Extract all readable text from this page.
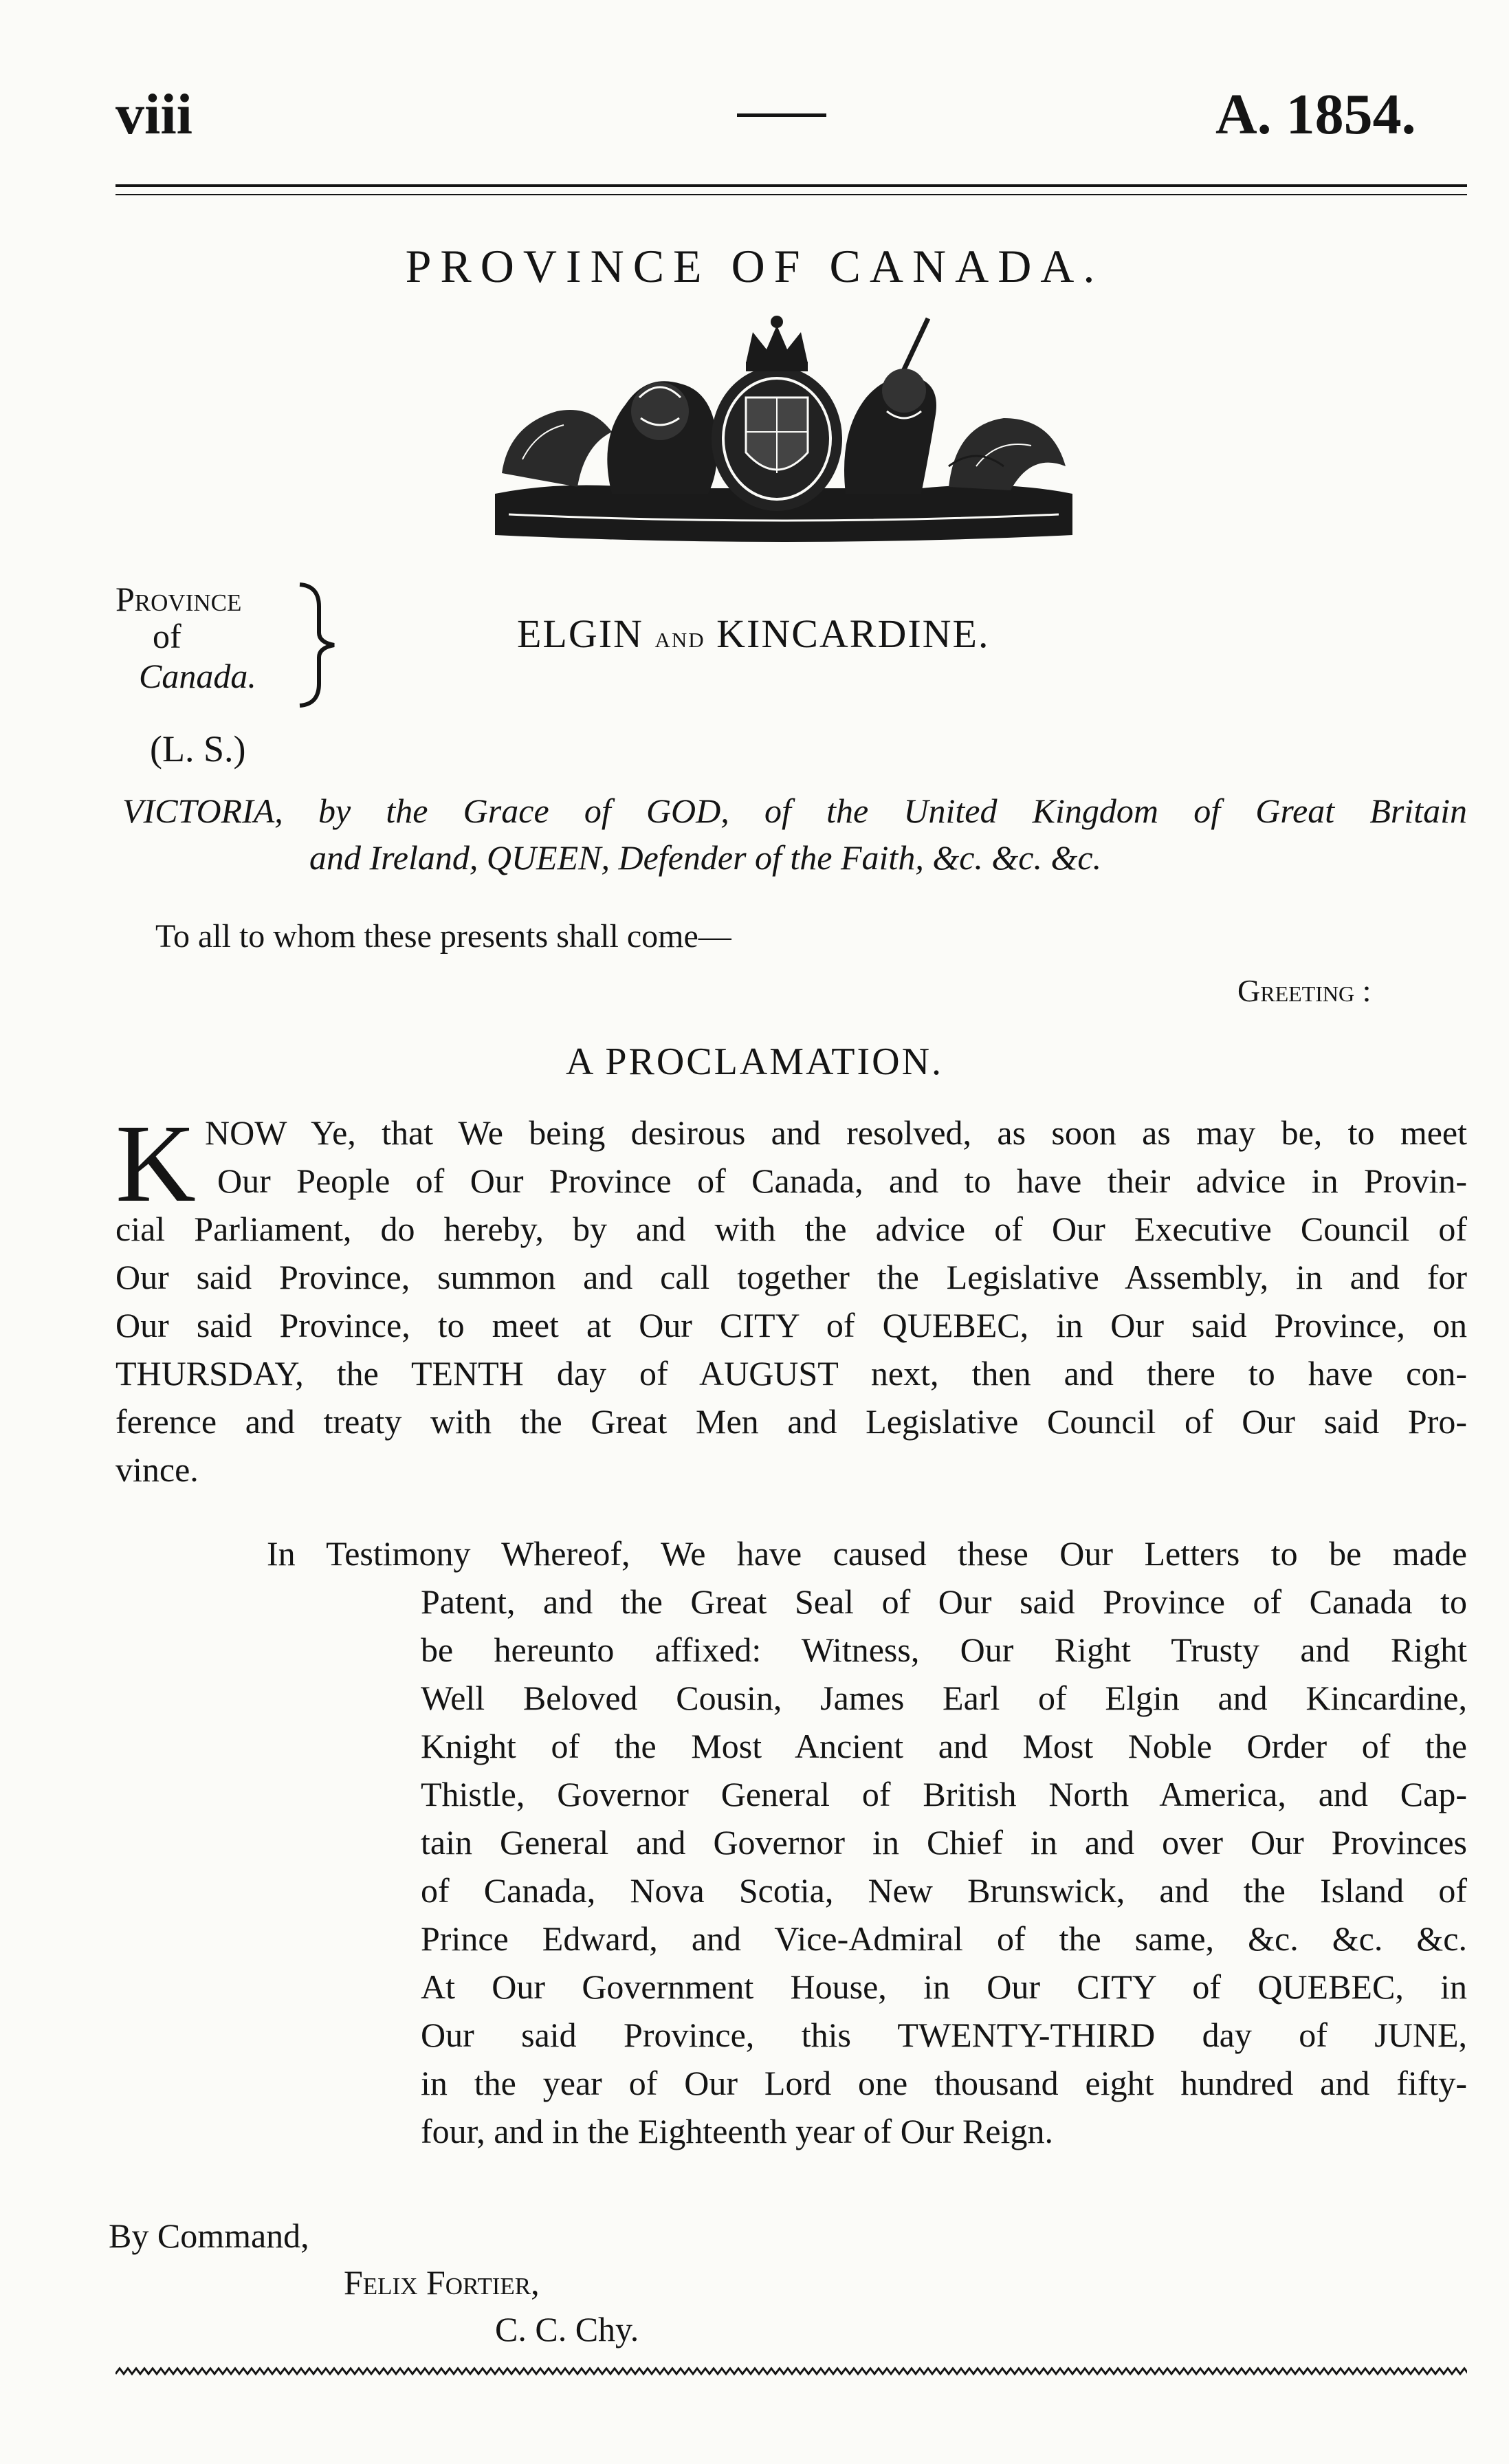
viii	A. 1854.
PROVINCE OF CANADA.
Province
of
Canada.
ELGIN and KINCARDINE.
(L. S.)
VICTORIA, by the Grace of GOD, of the United Kingdom of Great Britain
and Ireland, QUEEN, Defender of the Faith, &c. &c. &c.
To all to whom these presents shall come—
Greeting :
A PROCLAMATION.
K NOW Ye, that We being desirous and resolved, as soon as may be, to meet
Our People of Our Province of Canada, and to have their advice in Provin-
cial Parliament, do hereby, by and with the advice of Our Executive Council of
Our said Province, summon and call together the Legislative Assembly, in and for
Our said Province, to meet at Our CITY of QUEBEC, in Our said Province, on
THURSDAY, the TENTH day of AUGUST next, then and there to have con-
ference and treaty with the Great Men and Legislative Council of Our said Pro-
vince.
In Testimony Whereof, We have caused these Our Letters to be made
Patent, and the Great Seal of Our said Province of Canada to
be hereunto affixed: Witness, Our Right Trusty and Right
Well Beloved Cousin, James Earl of Elgin and Kincardine,
Knight of the Most Ancient and Most Noble Order of the
Thistle, Governor General of British North America, and Cap-
tain General and Governor in Chief in and over Our Provinces
of Canada, Nova Scotia, New Brunswick, and the Island of
Prince Edward, and Vice-Admiral of the same, &c. &c. &c.
At Our Government House, in Our CITY of QUEBEC, in
Our said Province, this TWENTY-THIRD day of JUNE,
in the year of Our Lord one thousand eight hundred and fifty-
four, and in the Eighteenth year of Our Reign.
By Command,
Felix Fortier,
C. C. Chy.
